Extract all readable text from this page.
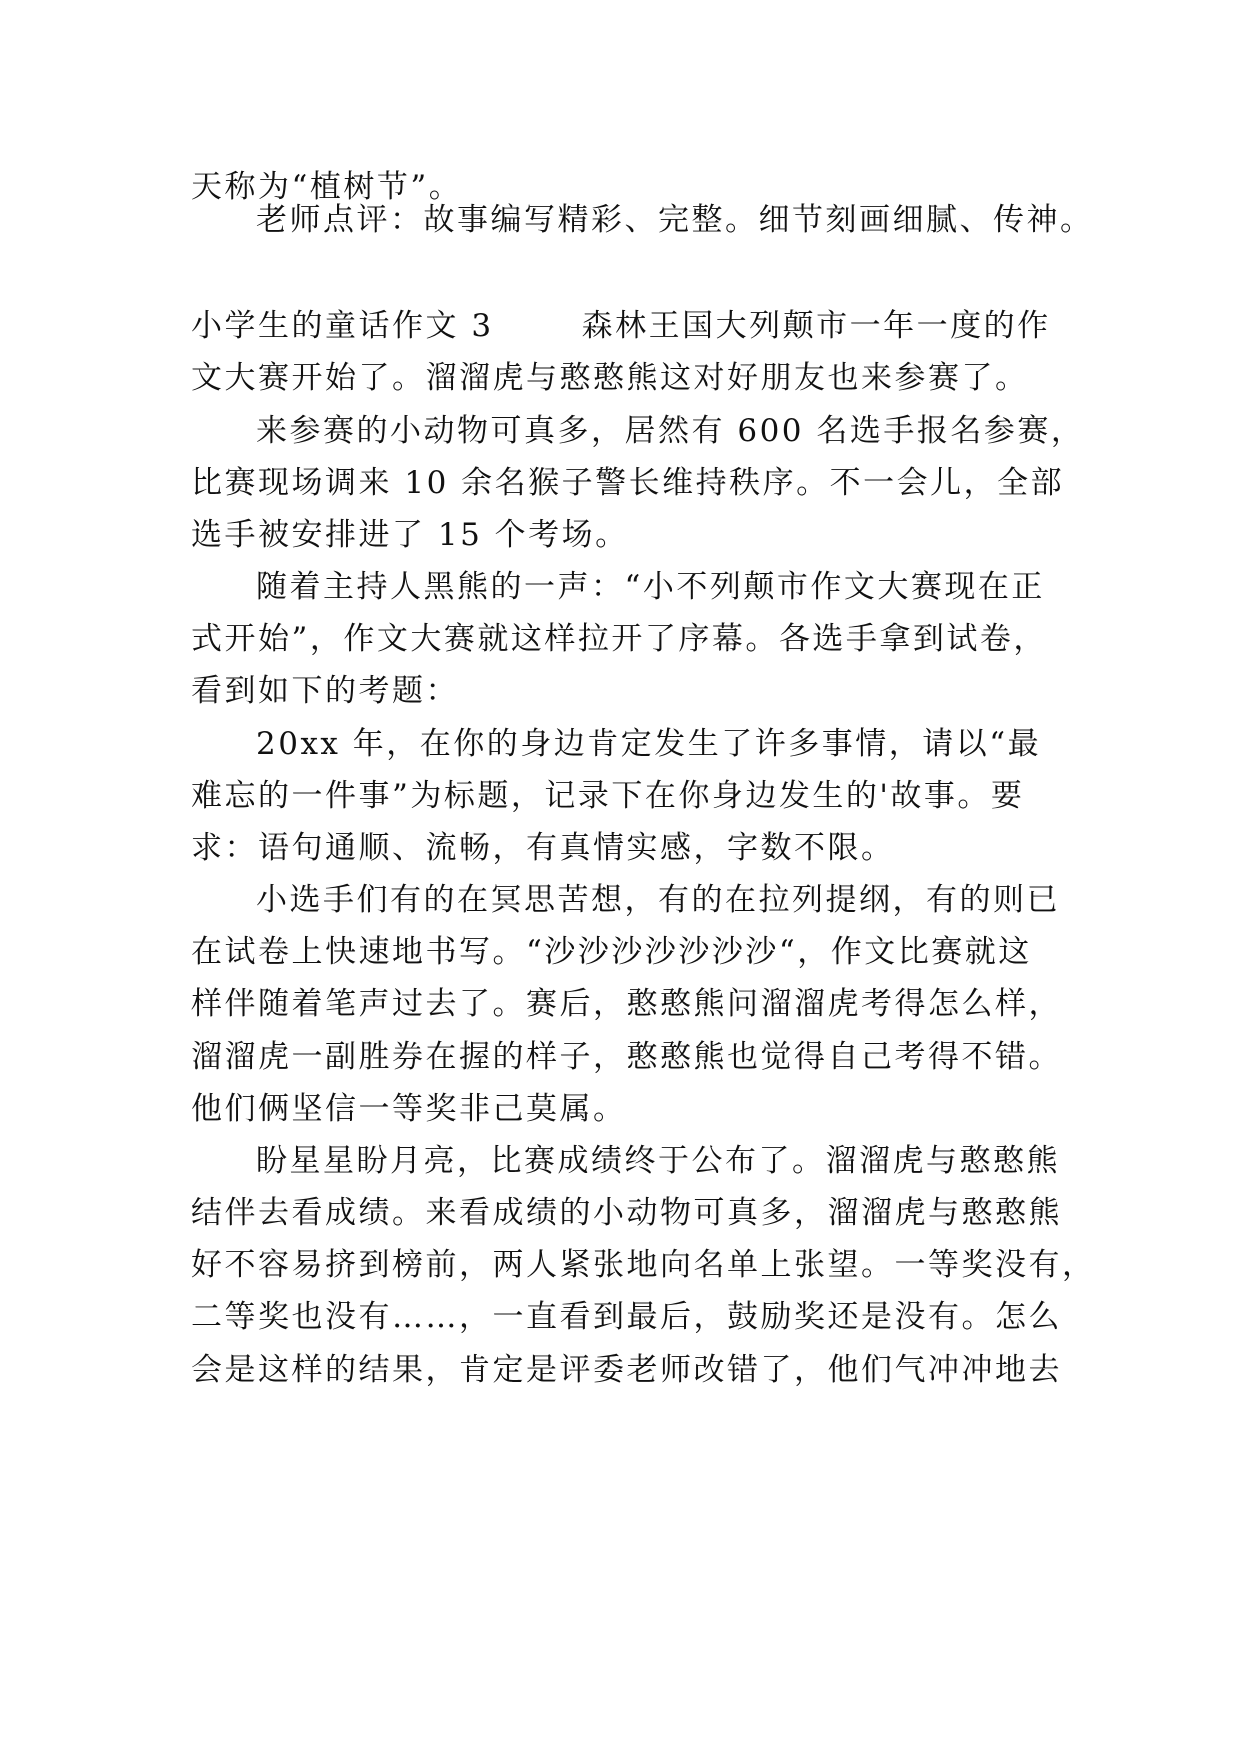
天称为“植树节”。
老师点评：故事编写精彩、完整。细节刻画细腻、传神。
小学生的童话作文 3	森林王国大列颠市一年一度的作
文大赛开始了。溜溜虎与憨憨熊这对好朋友也来参赛了。
来参赛的小动物可真多，居然有 600 名选手报名参赛，
比赛现场调来 10 余名猴子警长维持秩序。不一会儿，全部
选手被安排进了 15 个考场。
随着主持人黑熊的一声：“小不列颠市作文大赛现在正
式开始”，作文大赛就这样拉开了序幕。各选手拿到试卷，
看到如下的考题：
20xx 年，在你的身边肯定发生了许多事情，请以“最
难忘的一件事”为标题，记录下在你身边发生的'故事。要
求：语句通顺、流畅，有真情实感，字数不限。
小选手们有的在冥思苦想，有的在拉列提纲，有的则已
在试卷上快速地书写。“沙沙沙沙沙沙沙“，作文比赛就这
样伴随着笔声过去了。赛后，憨憨熊问溜溜虎考得怎么样，
溜溜虎一副胜券在握的样子，憨憨熊也觉得自己考得不错。
他们俩坚信一等奖非己莫属。
盼星星盼月亮，比赛成绩终于公布了。溜溜虎与憨憨熊
结伴去看成绩。来看成绩的小动物可真多，溜溜虎与憨憨熊
好不容易挤到榜前，两人紧张地向名单上张望。一等奖没有，
二等奖也没有……，一直看到最后，鼓励奖还是没有。怎么
会是这样的结果，肯定是评委老师改错了，他们气冲冲地去
